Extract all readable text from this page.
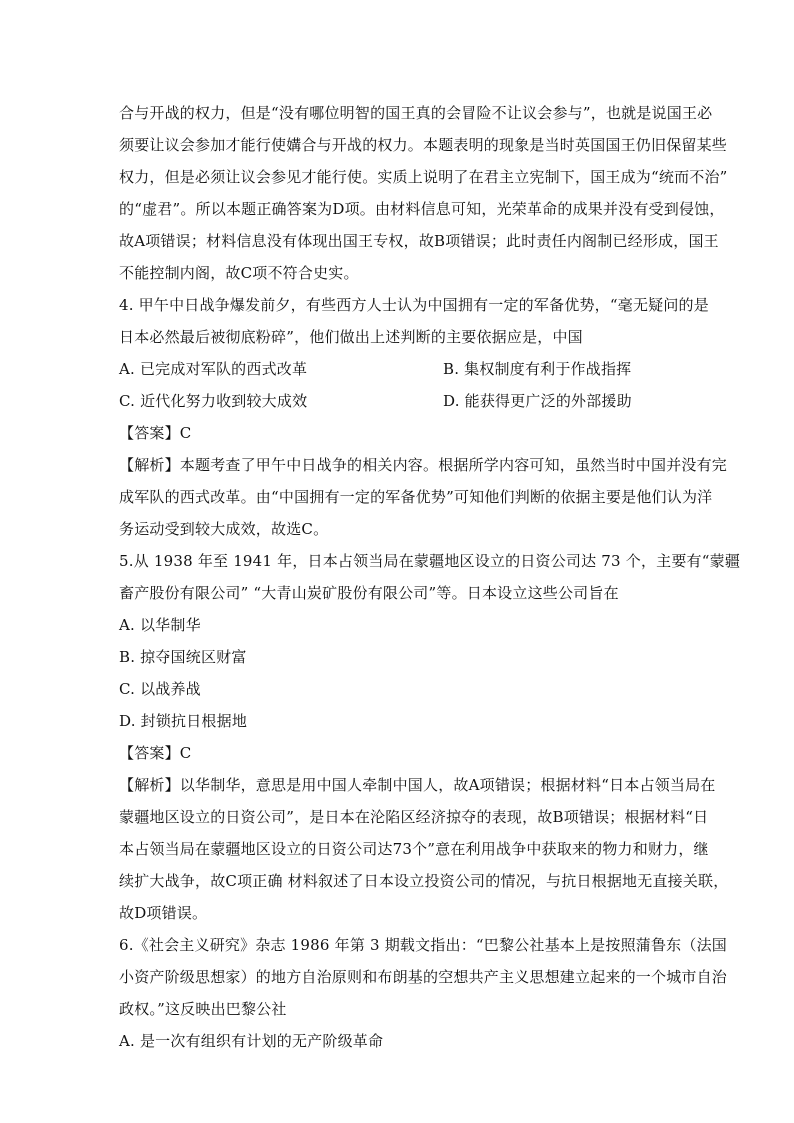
合与开战的权力，但是“没有哪位明智的国王真的会冒险不让议会参与”，也就是说国王必
须要让议会参加才能行使媾合与开战的权力。本题表明的现象是当时英国国王仍旧保留某些
权力，但是必须让议会参见才能行使。实质上说明了在君主立宪制下，国王成为“统而不治”
的“虚君”。所以本题正确答案为D项。由材料信息可知，光荣革命的成果并没有受到侵蚀，
故A项错误；材料信息没有体现出国王专权，故B项错误；此时责任内阁制已经形成，国王
不能控制内阁，故C项不符合史实。
4. 甲午中日战争爆发前夕，有些西方人士认为中国拥有一定的军备优势，“毫无疑问的是
日本必然最后被彻底粉碎”，他们做出上述判断的主要依据应是，中国
A. 已完成对军队的西式改革	B. 集权制度有利于作战指挥
C. 近代化努力收到较大成效	D. 能获得更广泛的外部援助
【答案】C
【解析】本题考查了甲午中日战争的相关内容。根据所学内容可知，虽然当时中国并没有完
成军队的西式改革。由“中国拥有一定的军备优势”可知他们判断的依据主要是他们认为洋
务运动受到较大成效，故选C。
5.从 1938 年至 1941 年，日本占领当局在蒙疆地区设立的日资公司达 73 个，主要有“蒙疆
畜产股份有限公司” “大青山炭矿股份有限公司”等。日本设立这些公司旨在
A. 以华制华
B. 掠夺国统区财富
C. 以战养战
D. 封锁抗日根据地
【答案】C
【解析】以华制华，意思是用中国人牵制中国人，故A项错误；根据材料“日本占领当局在
蒙疆地区设立的日资公司”，是日本在沦陷区经济掠夺的表现，故B项错误；根据材料“日
本占领当局在蒙疆地区设立的日资公司达73个”意在利用战争中获取来的物力和财力，继
续扩大战争，故C项正确 材料叙述了日本设立投资公司的情况，与抗日根据地无直接关联，
故D项错误。
6.《社会主义研究》杂志 1986 年第 3 期载文指出：“巴黎公社基本上是按照蒲鲁东（法国
小资产阶级思想家）的地方自治原则和布朗基的空想共产主义思想建立起来的一个城市自治
政权。”这反映出巴黎公社
A. 是一次有组织有计划的无产阶级革命
